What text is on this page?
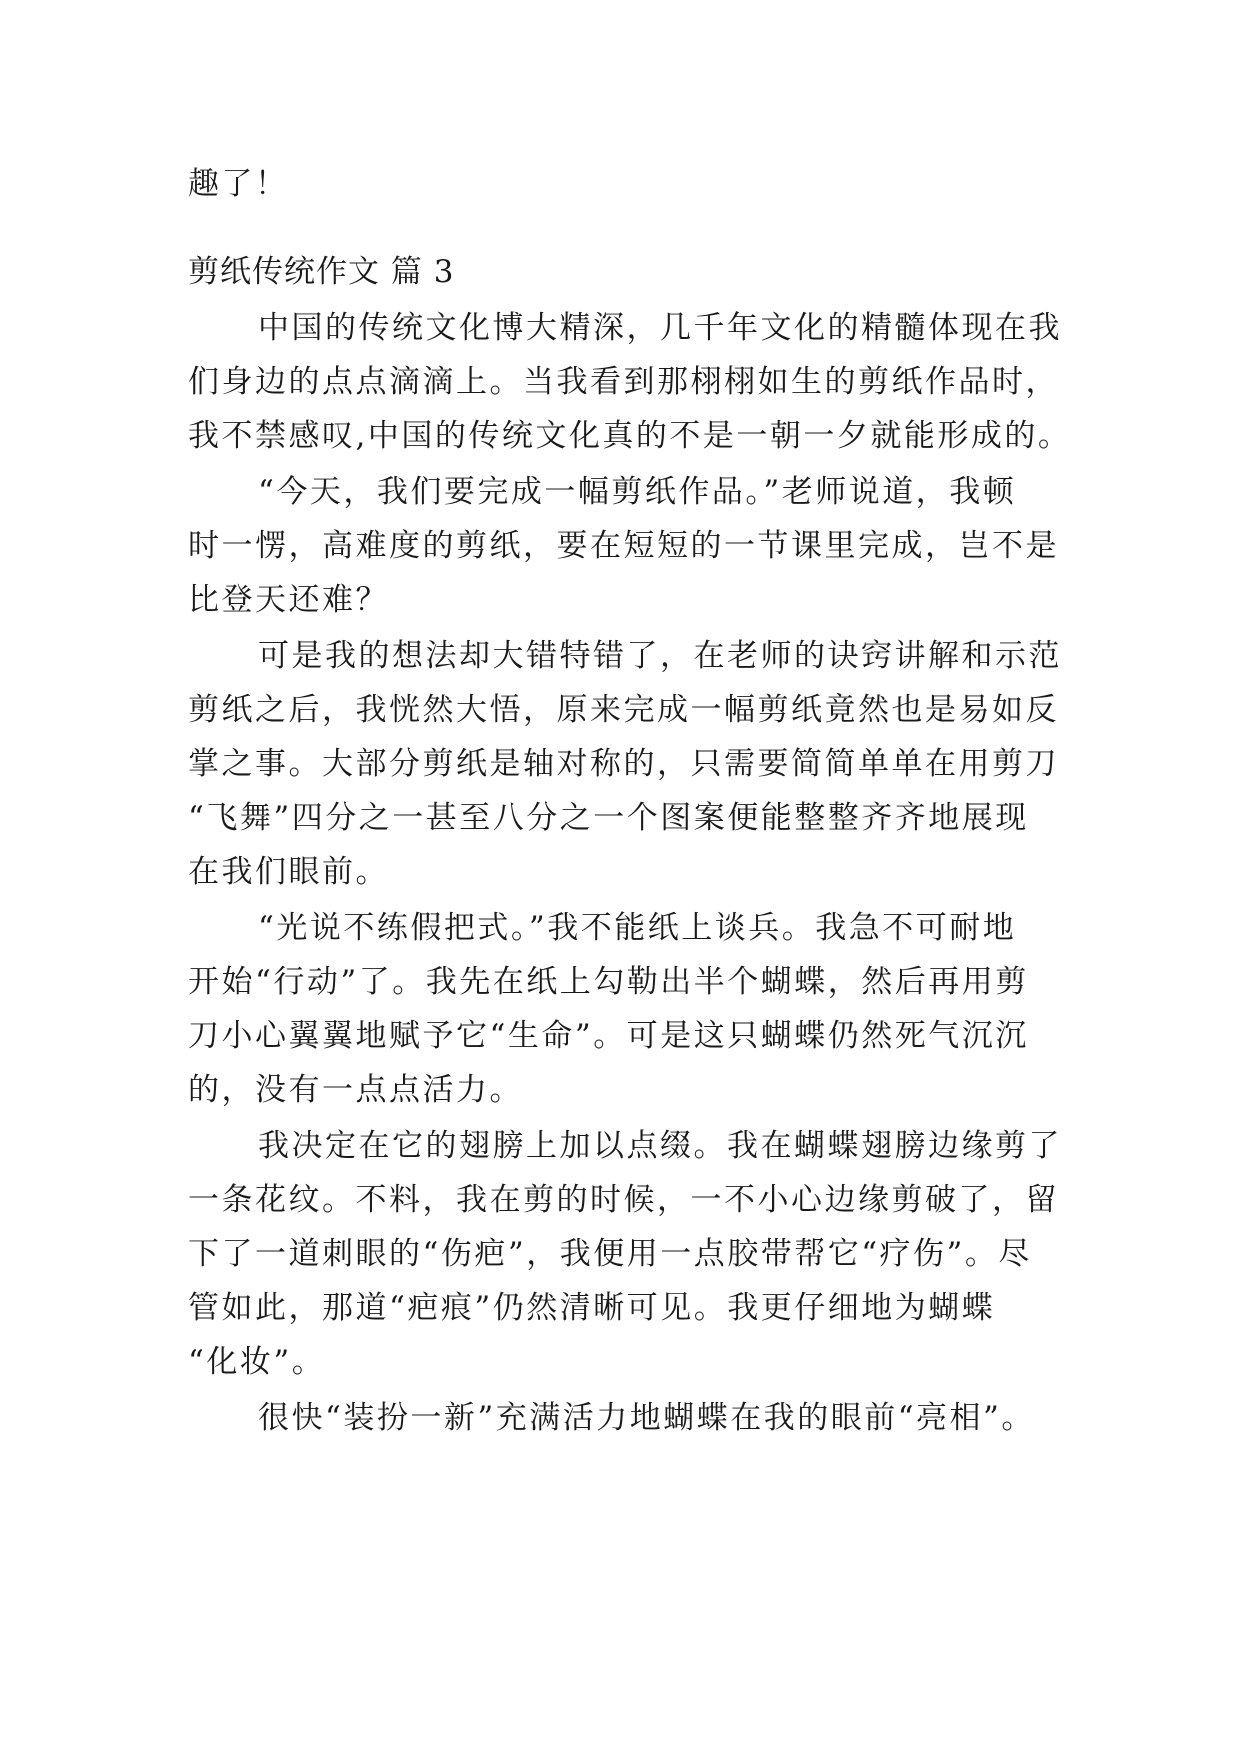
趣了！
剪纸传统作文 篇 3
中国的传统文化博大精深，几千年文化的精髓体现在我
们身边的点点滴滴上。当我看到那栩栩如生的剪纸作品时，
我不禁感叹,中国的传统文化真的不是一朝一夕就能形成的。
“今天，我们要完成一幅剪纸作品。”老师说道，我顿
时一愣，高难度的剪纸，要在短短的一节课里完成，岂不是
比登天还难？
可是我的想法却大错特错了，在老师的诀窍讲解和示范
剪纸之后，我恍然大悟，原来完成一幅剪纸竟然也是易如反
掌之事。大部分剪纸是轴对称的，只需要简简单单在用剪刀
“飞舞”四分之一甚至八分之一个图案便能整整齐齐地展现
在我们眼前。
“光说不练假把式。”我不能纸上谈兵。我急不可耐地
开始“行动”了。我先在纸上勾勒出半个蝴蝶，然后再用剪
刀小心翼翼地赋予它“生命”。可是这只蝴蝶仍然死气沉沉
的，没有一点点活力。
我决定在它的翅膀上加以点缀。我在蝴蝶翅膀边缘剪了
一条花纹。不料，我在剪的时候，一不小心边缘剪破了，留
下了一道刺眼的“伤疤”，我便用一点胶带帮它“疗伤”。尽
管如此，那道“疤痕”仍然清晰可见。我更仔细地为蝴蝶
“化妆”。
很快“装扮一新”充满活力地蝴蝶在我的眼前“亮相”。
